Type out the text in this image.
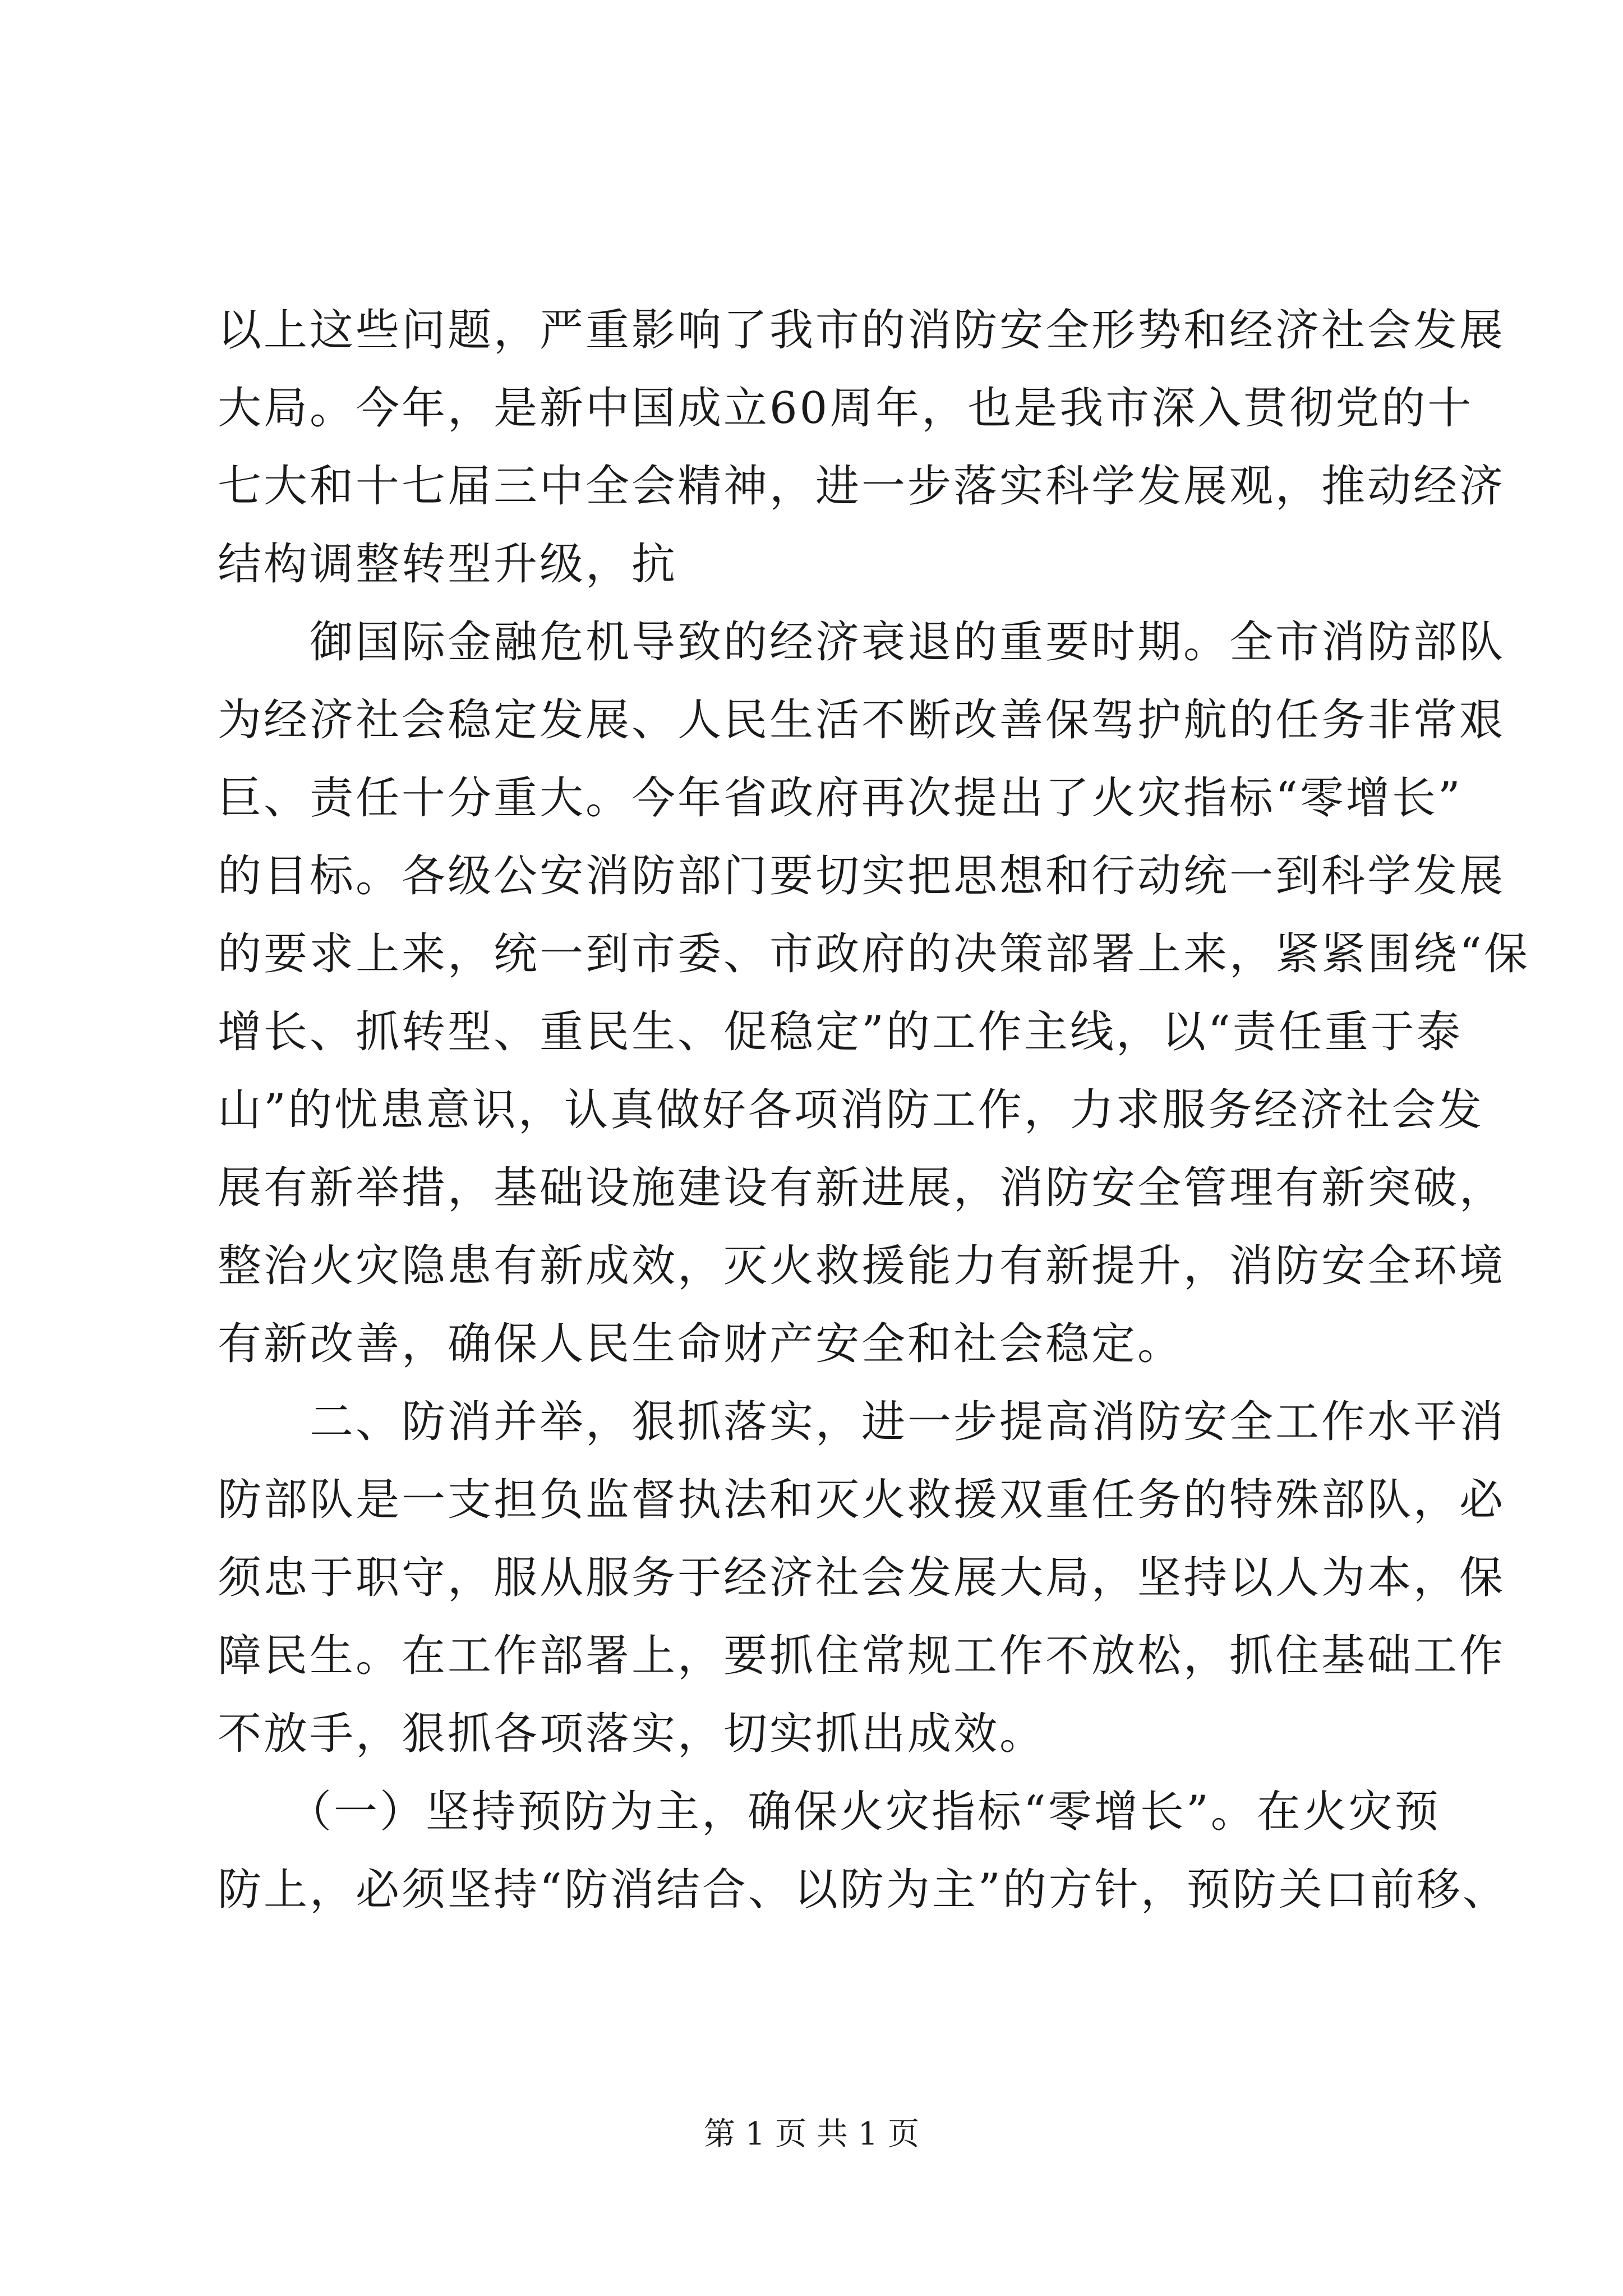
以上这些问题，严重影响了我市的消防安全形势和经济社会发展
大局。今年，是新中国成立60周年，也是我市深入贯彻党的十
七大和十七届三中全会精神，进一步落实科学发展观，推动经济
结构调整转型升级，抗
　　御国际金融危机导致的经济衰退的重要时期。全市消防部队
为经济社会稳定发展、人民生活不断改善保驾护航的任务非常艰
巨、责任十分重大。今年省政府再次提出了火灾指标“零增长”
的目标。各级公安消防部门要切实把思想和行动统一到科学发展
的要求上来，统一到市委、市政府的决策部署上来，紧紧围绕“保
增长、抓转型、重民生、促稳定”的工作主线，以“责任重于泰
山”的忧患意识，认真做好各项消防工作，力求服务经济社会发
展有新举措，基础设施建设有新进展，消防安全管理有新突破，
整治火灾隐患有新成效，灭火救援能力有新提升，消防安全环境
有新改善，确保人民生命财产安全和社会稳定。
　　二、防消并举，狠抓落实，进一步提高消防安全工作水平消
防部队是一支担负监督执法和灭火救援双重任务的特殊部队，必
须忠于职守，服从服务于经济社会发展大局，坚持以人为本，保
障民生。在工作部署上，要抓住常规工作不放松，抓住基础工作
不放手，狠抓各项落实，切实抓出成效。
　　（一）坚持预防为主，确保火灾指标“零增长”。在火灾预
防上，必须坚持“防消结合、以防为主”的方针，预防关口前移、
第 1 页 共 1 页
